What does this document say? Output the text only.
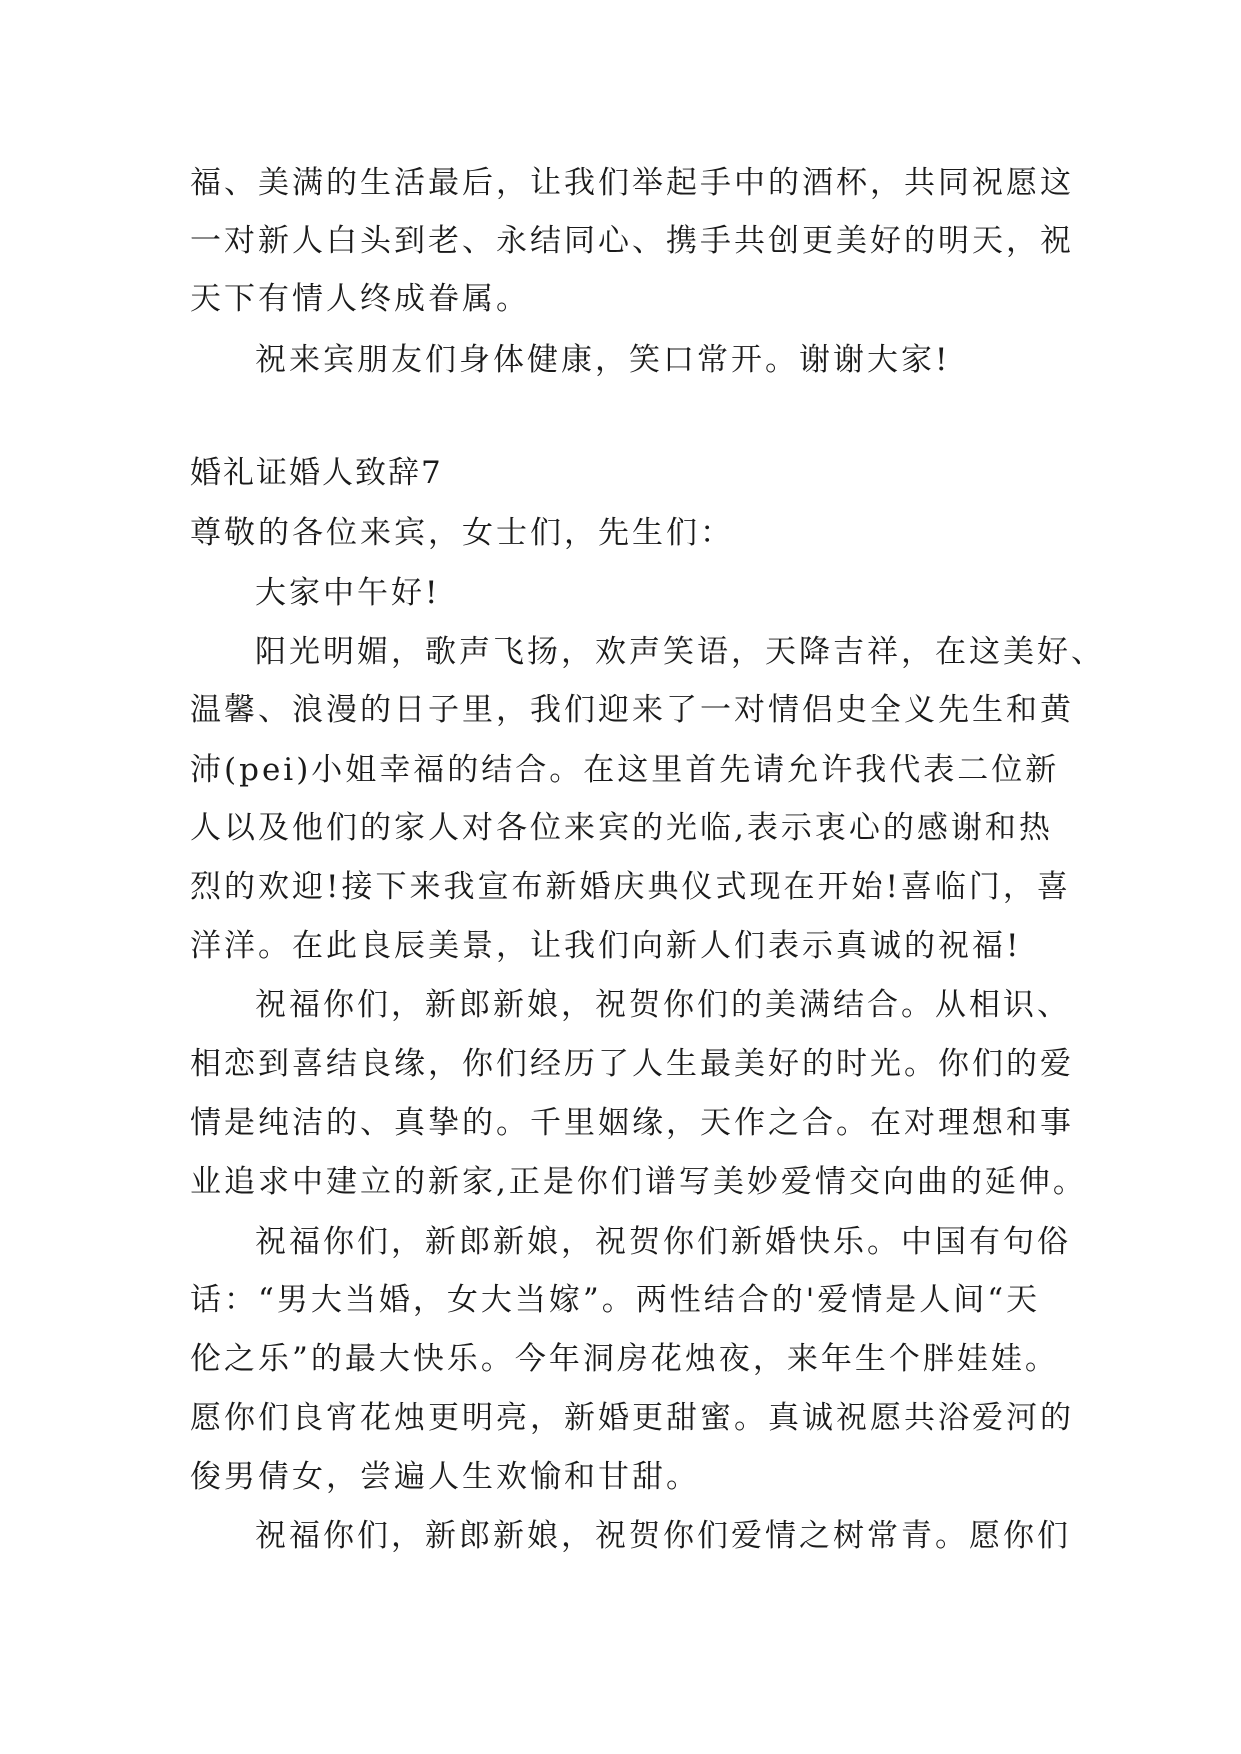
福、美满的生活最后，让我们举起手中的酒杯，共同祝愿这
一对新人白头到老、永结同心、携手共创更美好的明天，祝
天下有情人终成眷属。
祝来宾朋友们身体健康，笑口常开。谢谢大家!
婚礼证婚人致辞7
尊敬的各位来宾，女士们，先生们：
大家中午好!
阳光明媚，歌声飞扬，欢声笑语，天降吉祥，在这美好、
温馨、浪漫的日子里，我们迎来了一对情侣史全义先生和黄
沛(pei)小姐幸福的结合。在这里首先请允许我代表二位新
人以及他们的家人对各位来宾的光临,表示衷心的感谢和热
烈的欢迎!接下来我宣布新婚庆典仪式现在开始!喜临门，喜
洋洋。在此良辰美景，让我们向新人们表示真诚的祝福!
祝福你们，新郎新娘，祝贺你们的美满结合。从相识、
相恋到喜结良缘，你们经历了人生最美好的时光。你们的爱
情是纯洁的、真挚的。千里姻缘，天作之合。在对理想和事
业追求中建立的新家,正是你们谱写美妙爱情交向曲的延伸。
祝福你们，新郎新娘，祝贺你们新婚快乐。中国有句俗
话：“男大当婚，女大当嫁”。两性结合的'爱情是人间“天
伦之乐”的最大快乐。今年洞房花烛夜，来年生个胖娃娃。
愿你们良宵花烛更明亮，新婚更甜蜜。真诚祝愿共浴爱河的
俊男倩女，尝遍人生欢愉和甘甜。
祝福你们，新郎新娘，祝贺你们爱情之树常青。愿你们
